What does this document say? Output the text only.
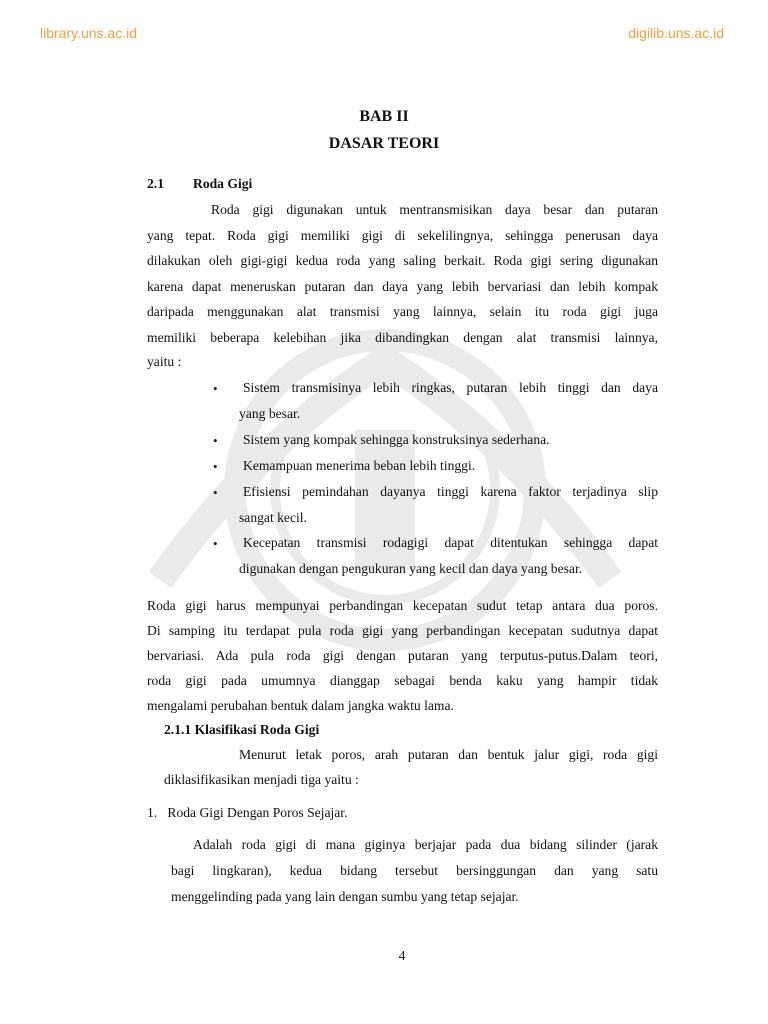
library.uns.ac.id	digilib.uns.ac.id
BAB II
DASAR TEORI
2.1 Roda Gigi
Roda gigi digunakan untuk mentransmisikan daya besar dan putaran
yang tepat. Roda gigi memiliki gigi di sekelilingnya, sehingga penerusan daya
dilakukan oleh gigi-gigi kedua roda yang saling berkait. Roda gigi sering digunakan
karena dapat meneruskan putaran dan daya yang lebih bervariasi dan lebih kompak
daripada menggunakan alat transmisi yang lainnya, selain itu roda gigi juga
memiliki beberapa kelebihan jika dibandingkan dengan alat transmisi lainnya,
yaitu :
• Sistem transmisinya lebih ringkas, putaran lebih tinggi dan daya
yang besar.
• Sistem yang kompak sehingga konstruksinya sederhana.
• Kemampuan menerima beban lebih tinggi.
• Efisiensi pemindahan dayanya tinggi karena faktor terjadinya slip
sangat kecil.
• Kecepatan transmisi rodagigi dapat ditentukan sehingga dapat
digunakan dengan pengukuran yang kecil dan daya yang besar.
Roda gigi harus mempunyai perbandingan kecepatan sudut tetap antara dua poros.
Di samping itu terdapat pula roda gigi yang perbandingan kecepatan sudutnya dapat
bervariasi. Ada pula roda gigi dengan putaran yang terputus-putus.Dalam teori,
roda gigi pada umumnya dianggap sebagai benda kaku yang hampir tidak
mengalami perubahan bentuk dalam jangka waktu lama.
2.1.1 Klasifikasi Roda Gigi
Menurut letak poros, arah putaran dan bentuk jalur gigi, roda gigi
diklasifikasikan menjadi tiga yaitu :
1.   Roda Gigi Dengan Poros Sejajar.
Adalah roda gigi di mana giginya berjajar pada dua bidang silinder (jarak
bagi lingkaran), kedua bidang tersebut bersinggungan dan yang satu
menggelinding pada yang lain dengan sumbu yang tetap sejajar.
4
